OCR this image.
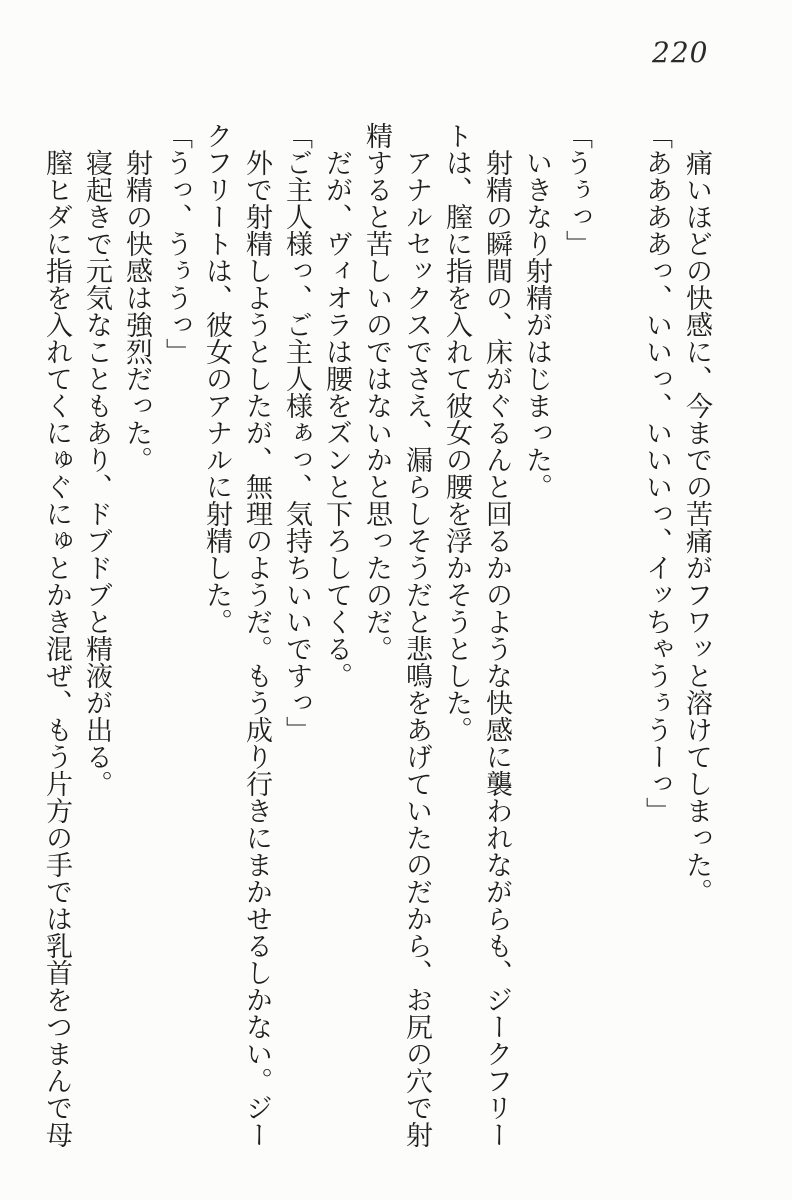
220
痛いほどの快感に、今までの苦痛がフワッと溶けてしまった。
「ああああっ、いいっ、いいいっ、イッちゃうぅうーっ」

「うぅっ」
いきなり射精がはじまった。
射精の瞬間の、床がぐるんと回るかのような快感に襲われながらも、ジークフリー
トは、膣に指を入れて彼女の腰を浮かそうとした。
アナルセックスでさえ、漏らしそうだと悲鳴をあげていたのだから、お尻の穴で射
精すると苦しいのではないかと思ったのだ。
だが、ヴィオラは腰をズンと下ろしてくる。
「ご主人様っ、ご主人様ぁっ、気持ちいいですっ」
外で射精しようとしたが、無理のようだ。もう成り行きにまかせるしかない。ジー
クフリートは、彼女のアナルに射精した。
「うっ、うぅうっ」
射精の快感は強烈だった。
寝起きで元気なこともあり、ドブドブと精液が出る。
膣ヒダに指を入れてくにゅぐにゅとかき混ぜ、もう片方の手では乳首をつまんで母
